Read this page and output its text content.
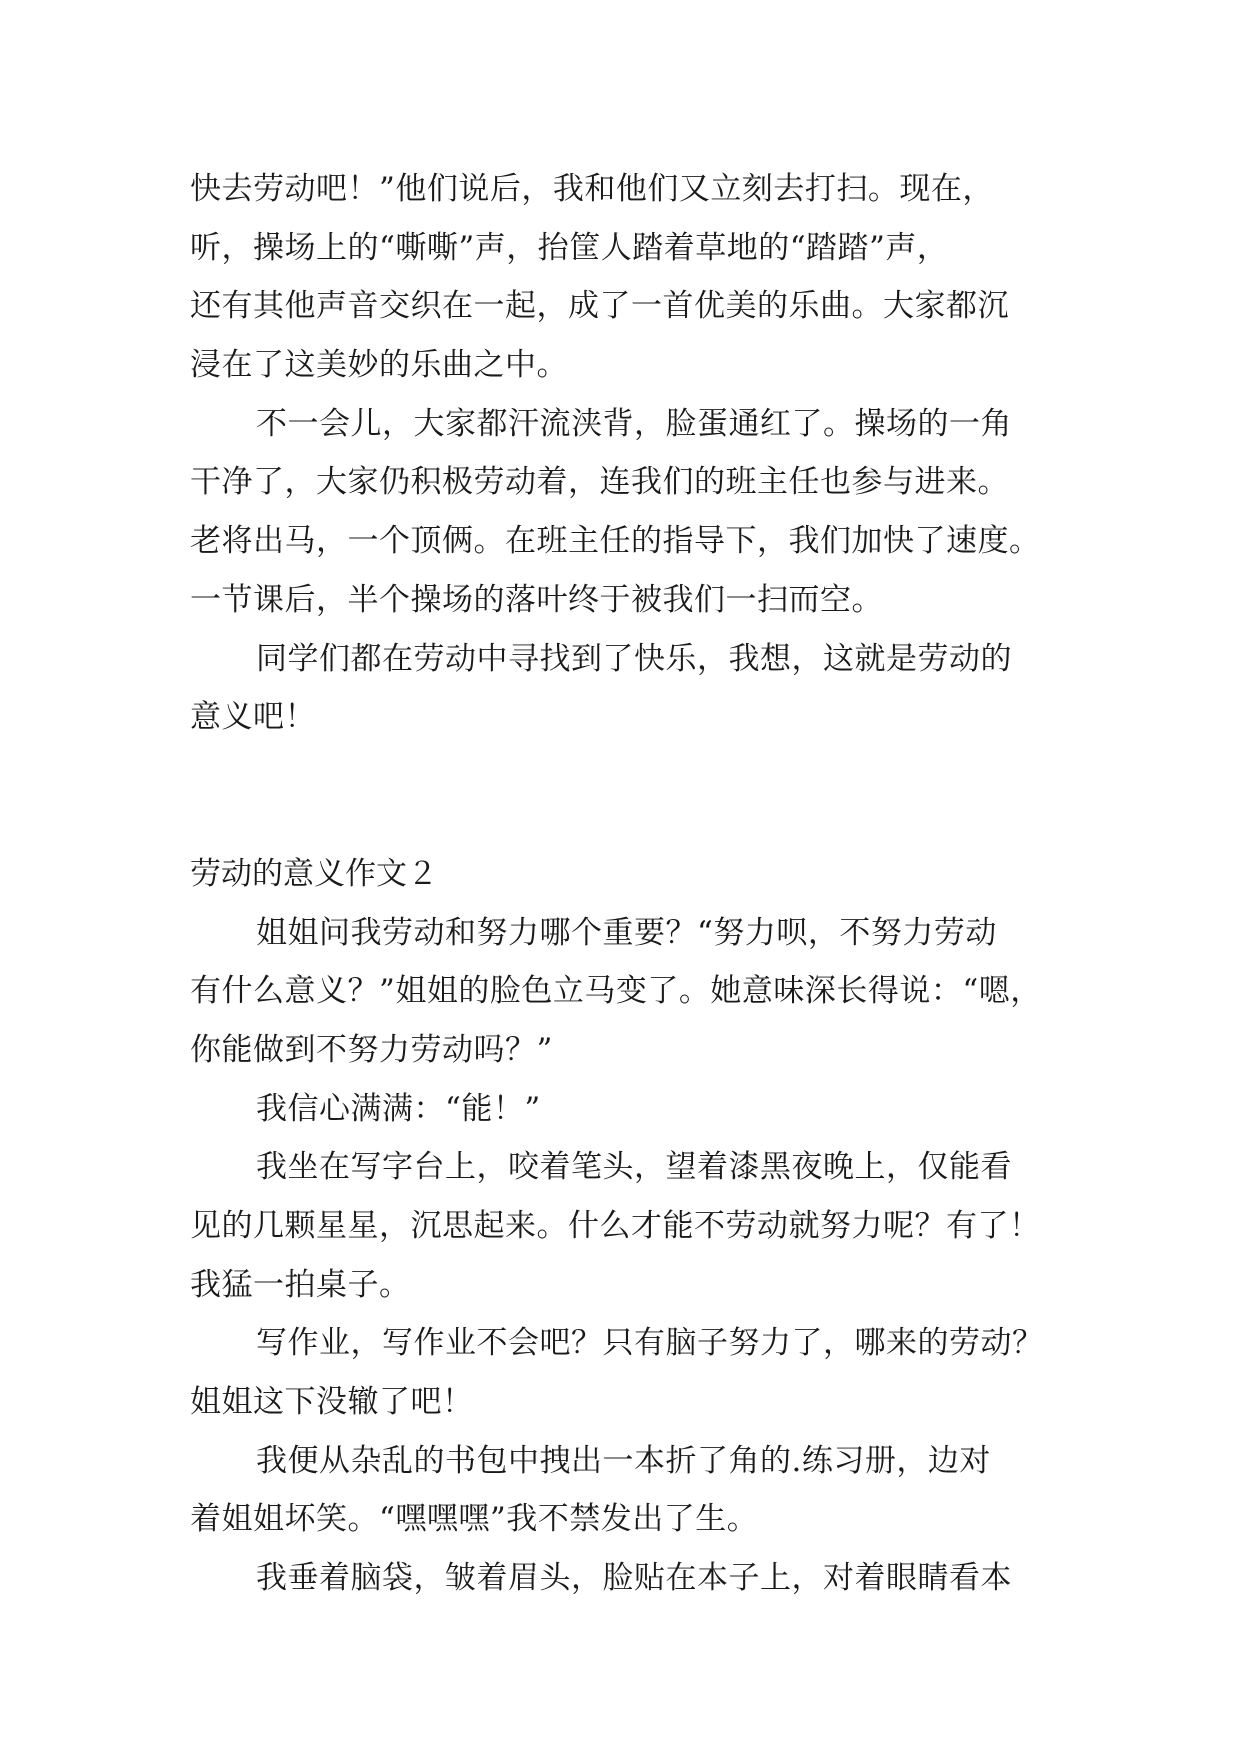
快去劳动吧！”他们说后，我和他们又立刻去打扫。现在，
听，操场上的“嘶嘶”声，抬筐人踏着草地的“踏踏”声，
还有其他声音交织在一起，成了一首优美的乐曲。大家都沉
浸在了这美妙的乐曲之中。
不一会儿，大家都汗流浃背，脸蛋通红了。操场的一角
干净了，大家仍积极劳动着，连我们的班主任也参与进来。
老将出马，一个顶俩。在班主任的指导下，我们加快了速度。
一节课后，半个操场的落叶终于被我们一扫而空。
同学们都在劳动中寻找到了快乐，我想，这就是劳动的
意义吧！
劳动的意义作文２
姐姐问我劳动和努力哪个重要？“努力呗，不努力劳动
有什么意义？”姐姐的脸色立马变了。她意味深长得说：“嗯，
你能做到不努力劳动吗？”
我信心满满：“能！”
我坐在写字台上，咬着笔头，望着漆黑夜晚上，仅能看
见的几颗星星，沉思起来。什么才能不劳动就努力呢？有了！
我猛一拍桌子。
写作业，写作业不会吧？只有脑子努力了，哪来的劳动？
姐姐这下没辙了吧！
我便从杂乱的书包中拽出一本折了角的.练习册，边对
着姐姐坏笑。“嘿嘿嘿”我不禁发出了生。
我垂着脑袋，皱着眉头，脸贴在本子上，对着眼睛看本
